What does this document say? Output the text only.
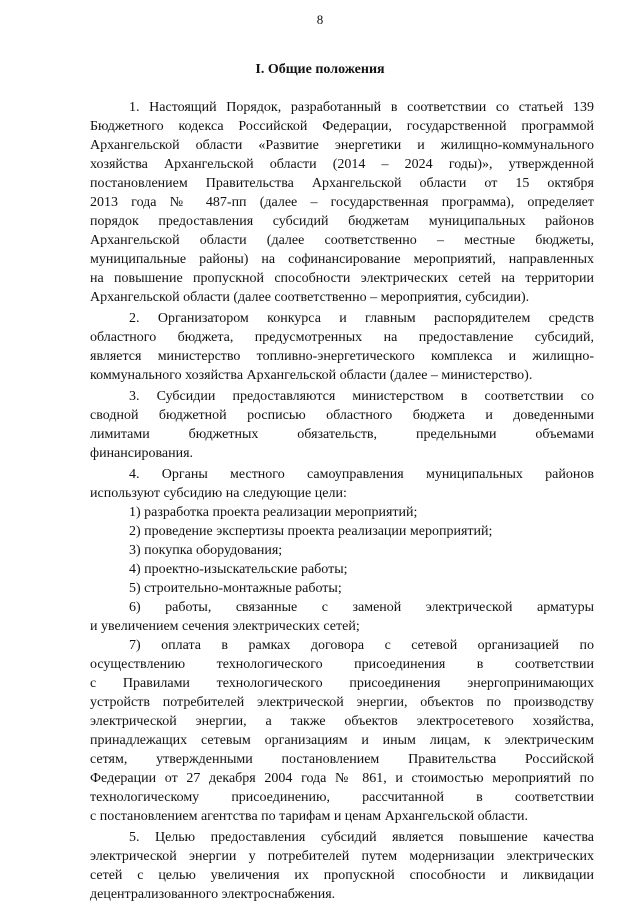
8
I. Общие положения
1. Настоящий Порядок, разработанный в соответствии со статьей 139
Бюджетного кодекса Российской Федерации, государственной программой
Архангельской области «Развитие энергетики и жилищно-коммунального
хозяйства Архангельской области (2014 – 2024 годы)», утвержденной
постановлением Правительства Архангельской области от 15 октября
2013 года № 487-пп (далее – государственная программа), определяет
порядок предоставления субсидий бюджетам муниципальных районов
Архангельской области (далее соответственно – местные бюджеты,
муниципальные районы) на софинансирование мероприятий, направленных
на повышение пропускной способности электрических сетей на территории
Архангельской области (далее соответственно – мероприятия, субсидии).
2. Организатором конкурса и главным распорядителем средств
областного бюджета, предусмотренных на предоставление субсидий,
является министерство топливно-энергетического комплекса и жилищно-
коммунального хозяйства Архангельской области (далее – министерство).
3. Субсидии предоставляются министерством в соответствии со
сводной бюджетной росписью областного бюджета и доведенными
лимитами бюджетных обязательств, предельными объемами
финансирования.
4. Органы местного самоуправления муниципальных районов
используют субсидию на следующие цели:
1) разработка проекта реализации мероприятий;
2) проведение экспертизы проекта реализации мероприятий;
3) покупка оборудования;
4) проектно-изыскательские работы;
5) строительно-монтажные работы;
6) работы, связанные с заменой электрической арматуры
и увеличением сечения электрических сетей;
7) оплата в рамках договора с сетевой организацией по
осуществлению технологического присоединения в соответствии
с Правилами технологического присоединения энергопринимающих
устройств потребителей электрической энергии, объектов по производству
электрической энергии, а также объектов электросетевого хозяйства,
принадлежащих сетевым организациям и иным лицам, к электрическим
сетям, утвержденными постановлением Правительства Российской
Федерации от 27 декабря 2004 года № 861, и стоимостью мероприятий по
технологическому присоединению, рассчитанной в соответствии
с постановлением агентства по тарифам и ценам Архангельской области.
5. Целью предоставления субсидий является повышение качества
электрической энергии у потребителей путем модернизации электрических
сетей с целью увеличения их пропускной способности и ликвидации
децентрализованного электроснабжения.
